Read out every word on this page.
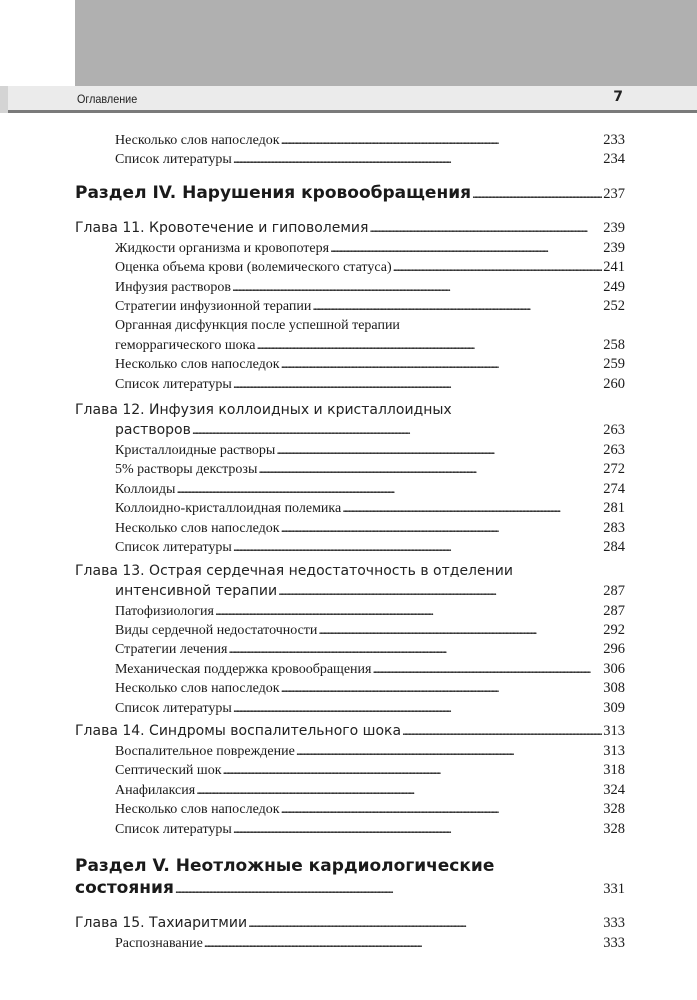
Оглавление	7
Несколько слов напоследок . . .	233
Список литературы . . .	234
Раздел IV. Нарушения кровообращения . . .	237
Глава 11. Кровотечение и гиповолемия . . .	239
Жидкости организма и кровопотеря . . .	239
Оценка объема крови (волемического статуса) . . .	241
Инфузия растворов . . .	249
Стратегии инфузионной терапии . . .	252
Органная дисфункция после успешной терапии
геморрагического шока . . .	258
Несколько слов напоследок . . .	259
Список литературы . . .	260
Глава 12. Инфузия коллоидных и кристаллоидных
растворов . . .	263
Кристаллоидные растворы . . .	263
5% растворы декстрозы . . .	272
Коллоиды . . .	274
Коллоидно-кристаллоидная полемика . . .	281
Несколько слов напоследок . . .	283
Список литературы . . .	284
Глава 13. Острая сердечная недостаточность в отделении
интенсивной терапии . . .	287
Патофизиология . . .	287
Виды сердечной недостаточности . . .	292
Стратегии лечения . . .	296
Механическая поддержка кровообращения . . .	306
Несколько слов напоследок . . .	308
Список литературы . . .	309
Глава 14. Синдромы воспалительного шока . . .	313
Воспалительное повреждение . . .	313
Септический шок . . .	318
Анафилаксия . . .	324
Несколько слов напоследок . . .	328
Список литературы . . .	328
Раздел V. Неотложные кардиологические
состояния . . .	331
Глава 15. Тахиаритмии . . .	333
Распознавание . . .	333
